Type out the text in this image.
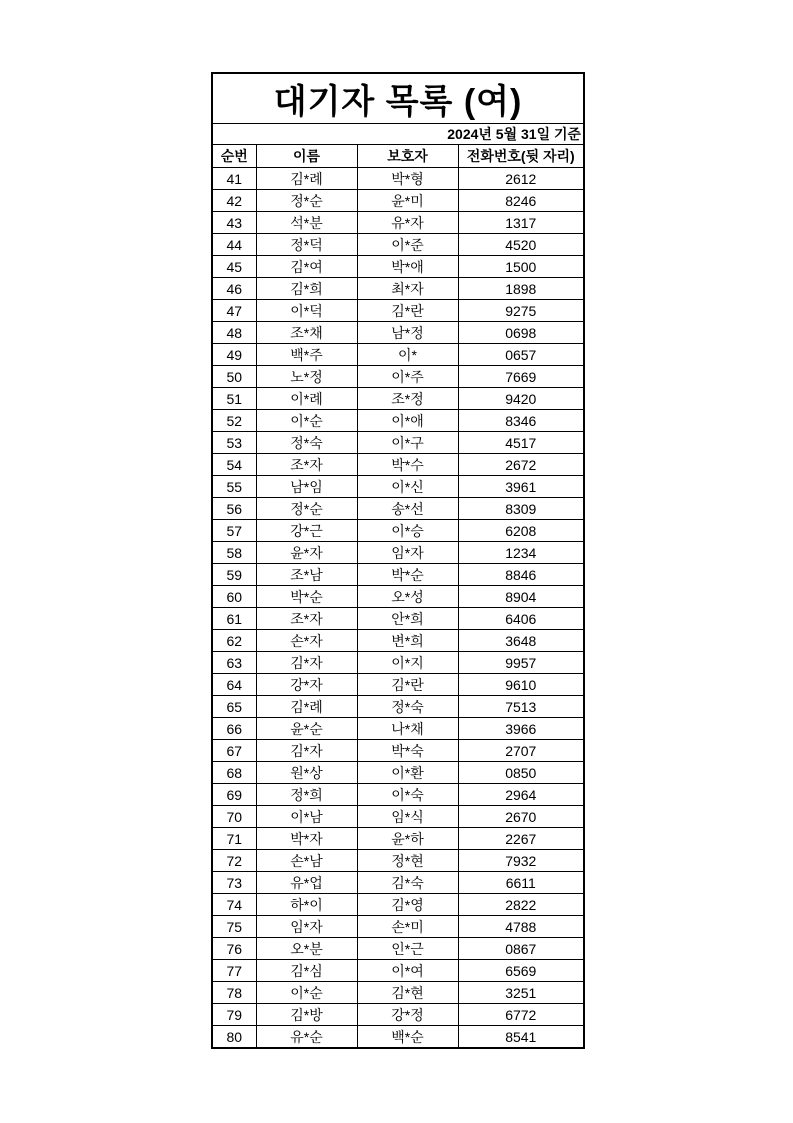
대기자 목록 (여)			
2024년 5월 31일 기준			
순번	이름	보호자	전화번호(뒷 자리)
41	김*례	박*형	2612
42	정*순	윤*미	8246
43	석*분	유*자	1317
44	정*덕	이*준	4520
45	김*여	박*애	1500
46	김*희	최*자	1898
47	이*덕	김*란	9275
48	조*채	남*정	0698
49	백*주	이*	0657
50	노*정	이*주	7669
51	이*례	조*정	9420
52	이*순	이*애	8346
53	정*숙	이*구	4517
54	조*자	박*수	2672
55	남*임	이*신	3961
56	정*순	송*선	8309
57	강*근	이*승	6208
58	윤*자	임*자	1234
59	조*남	박*순	8846
60	박*순	오*성	8904
61	조*자	안*희	6406
62	손*자	변*희	3648
63	김*자	이*지	9957
64	강*자	김*란	9610
65	김*례	정*숙	7513
66	윤*순	나*채	3966
67	김*자	박*숙	2707
68	원*상	이*환	0850
69	정*희	이*숙	2964
70	이*남	임*식	2670
71	박*자	윤*하	2267
72	손*남	정*현	7932
73	유*업	김*숙	6611
74	하*이	김*영	2822
75	임*자	손*미	4788
76	오*분	인*근	0867
77	김*심	이*여	6569
78	이*순	김*현	3251
79	김*방	강*정	6772
80	유*순	백*순	8541
